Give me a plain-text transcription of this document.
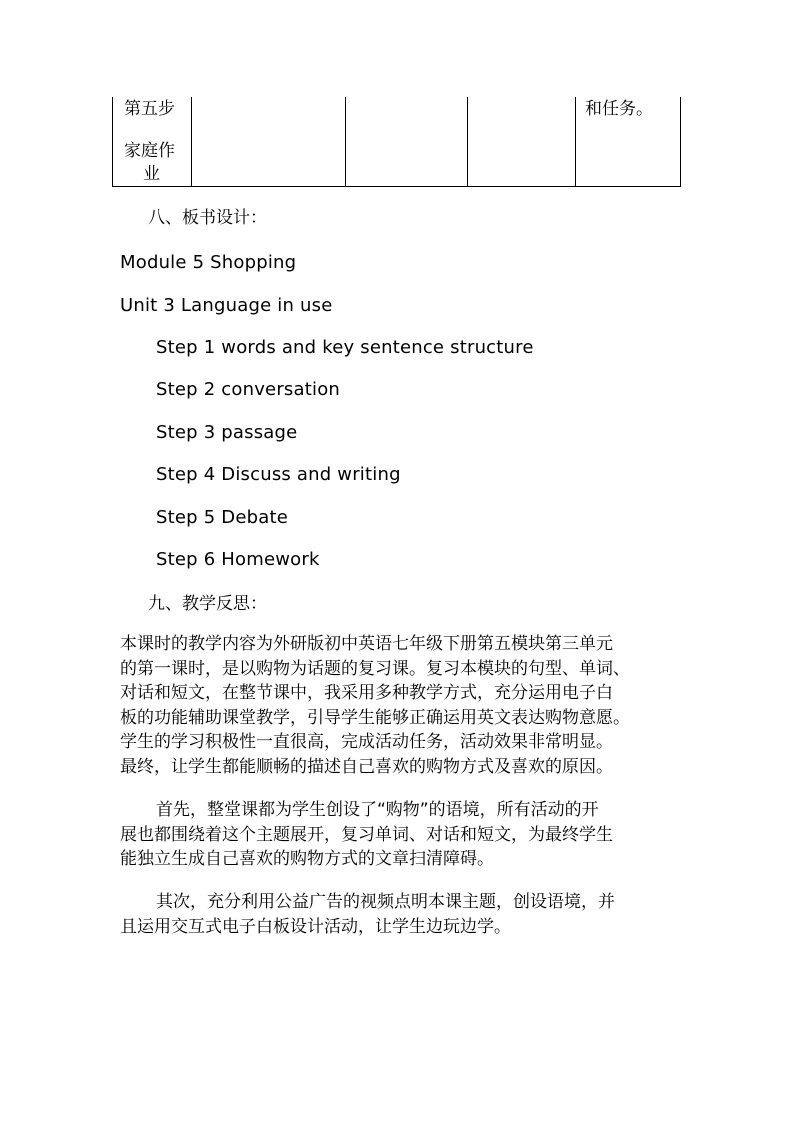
第五步
家庭作
业
和任务。
八、板书设计：
Module 5 Shopping
Unit 3 Language in use
Step 1 words and key sentence structure
Step 2 conversation
Step 3 passage
Step 4 Discuss and writing
Step 5 Debate
Step 6 Homework
九、教学反思：
本课时的教学内容为外研版初中英语七年级下册第五模块第三单元
的第一课时，是以购物为话题的复习课。复习本模块的句型、单词、
对话和短文，在整节课中，我采用多种教学方式，充分运用电子白
板的功能辅助课堂教学，引导学生能够正确运用英文表达购物意愿。
学生的学习积极性一直很高，完成活动任务，活动效果非常明显。
最终，让学生都能顺畅的描述自己喜欢的购物方式及喜欢的原因。
首先，整堂课都为学生创设了“购物”的语境，所有活动的开
展也都围绕着这个主题展开，复习单词、对话和短文，为最终学生
能独立生成自己喜欢的购物方式的文章扫清障碍。
其次，充分利用公益广告的视频点明本课主题，创设语境，并
且运用交互式电子白板设计活动，让学生边玩边学。
